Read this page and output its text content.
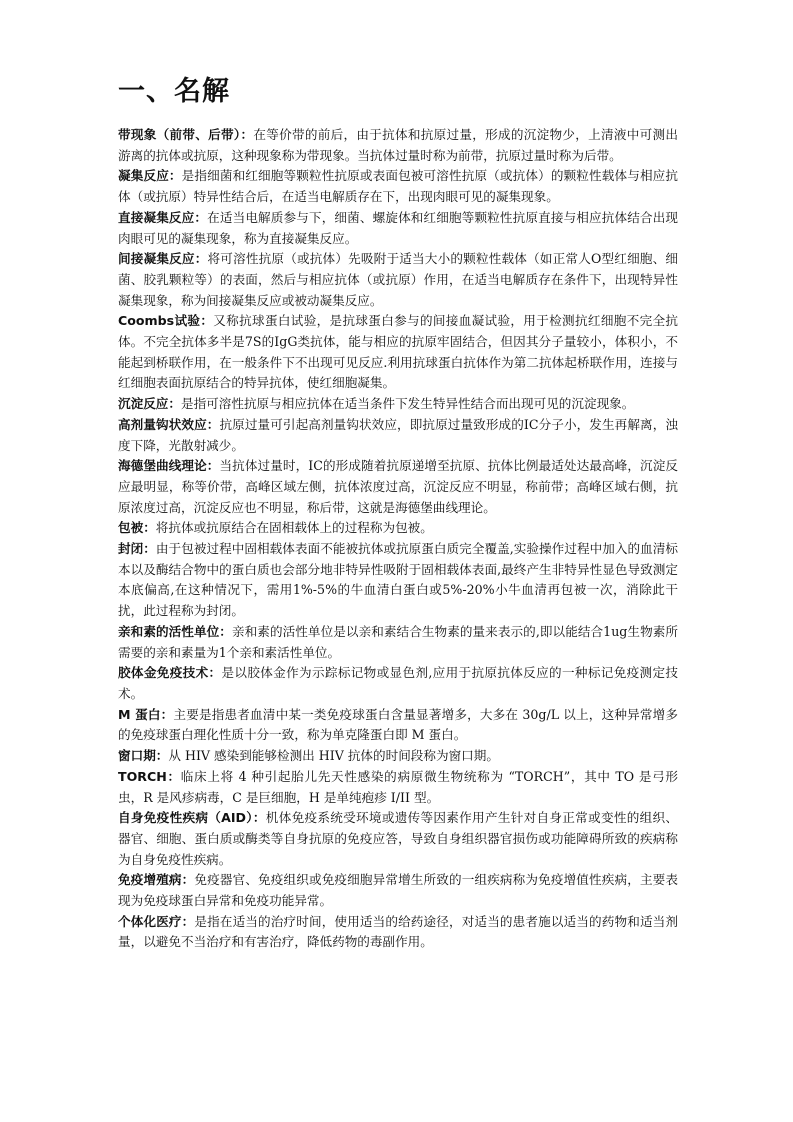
一、名解

带现象（前带、后带）：在等价带的前后，由于抗体和抗原过量，形成的沉淀物少，上清液中可测出游离的抗体或抗原，这种现象称为带现象。当抗体过量时称为前带，抗原过量时称为后带。

凝集反应：是指细菌和红细胞等颗粒性抗原或表面包被可溶性抗原（或抗体）的颗粒性载体与相应抗体（或抗原）特异性结合后，在适当电解质存在下，出现肉眼可见的凝集现象。

直接凝集反应：在适当电解质参与下，细菌、螺旋体和红细胞等颗粒性抗原直接与相应抗体结合出现肉眼可见的凝集现象，称为直接凝集反应。

间接凝集反应：将可溶性抗原（或抗体）先吸附于适当大小的颗粒性载体（如正常人O型红细胞、细菌、胶乳颗粒等）的表面，然后与相应抗体（或抗原）作用，在适当电解质存在条件下，出现特异性凝集现象，称为间接凝集反应或被动凝集反应。

Coombs试验：又称抗球蛋白试验，是抗球蛋白参与的间接血凝试验，用于检测抗红细胞不完全抗体。不完全抗体多半是7S的IgG类抗体，能与相应的抗原牢固结合，但因其分子量较小，体积小，不能起到桥联作用，在一般条件下不出现可见反应.利用抗球蛋白抗体作为第二抗体起桥联作用，连接与红细胞表面抗原结合的特异抗体，使红细胞凝集。

沉淀反应：是指可溶性抗原与相应抗体在适当条件下发生特异性结合而出现可见的沉淀现象。

高剂量钩状效应：抗原过量可引起高剂量钩状效应，即抗原过量致形成的IC分子小，发生再解离，浊度下降，光散射减少。

海德堡曲线理论：当抗体过量时，IC的形成随着抗原递增至抗原、抗体比例最适处达最高峰，沉淀反应最明显，称等价带，高峰区域左侧，抗体浓度过高，沉淀反应不明显，称前带；高峰区域右侧，抗原浓度过高，沉淀反应也不明显，称后带，这就是海德堡曲线理论。

包被：将抗体或抗原结合在固相载体上的过程称为包被。

封闭：由于包被过程中固相载体表面不能被抗体或抗原蛋白质完全覆盖,实验操作过程中加入的血清标本以及酶结合物中的蛋白质也会部分地非特异性吸附于固相载体表面,最终产生非特异性显色导致测定本底偏高,在这种情况下，需用1%-5%的牛血清白蛋白或5%-20%小牛血清再包被一次，消除此干扰，此过程称为封闭。

亲和素的活性单位：亲和素的活性单位是以亲和素结合生物素的量来表示的,即以能结合1ug生物素所需要的亲和素量为1个亲和素活性单位。

胶体金免疫技术：是以胶体金作为示踪标记物或显色剂,应用于抗原抗体反应的一种标记免疫测定技术。

M 蛋白：主要是指患者血清中某一类免疫球蛋白含量显著增多，大多在 30g/L 以上，这种异常增多的免疫球蛋白理化性质十分一致，称为单克隆蛋白即 M 蛋白。

窗口期：从 HIV 感染到能够检测出 HIV 抗体的时间段称为窗口期。

TORCH：临床上将 4 种引起胎儿先天性感染的病原微生物统称为 “TORCH”，其中 TO 是弓形虫，R 是风疹病毒，C 是巨细胞，H 是单纯疱疹 I/II 型。

自身免疫性疾病（AID）：机体免疫系统受环境或遗传等因素作用产生针对自身正常或变性的组织、器官、细胞、蛋白质或酶类等自身抗原的免疫应答，导致自身组织器官损伤或功能障碍所致的疾病称为自身免疫性疾病。

免疫增殖病：免疫器官、免疫组织或免疫细胞异常增生所致的一组疾病称为免疫增值性疾病，主要表现为免疫球蛋白异常和免疫功能异常。

个体化医疗：是指在适当的治疗时间，使用适当的给药途径，对适当的患者施以适当的药物和适当剂量，以避免不当治疗和有害治疗，降低药物的毒副作用。
